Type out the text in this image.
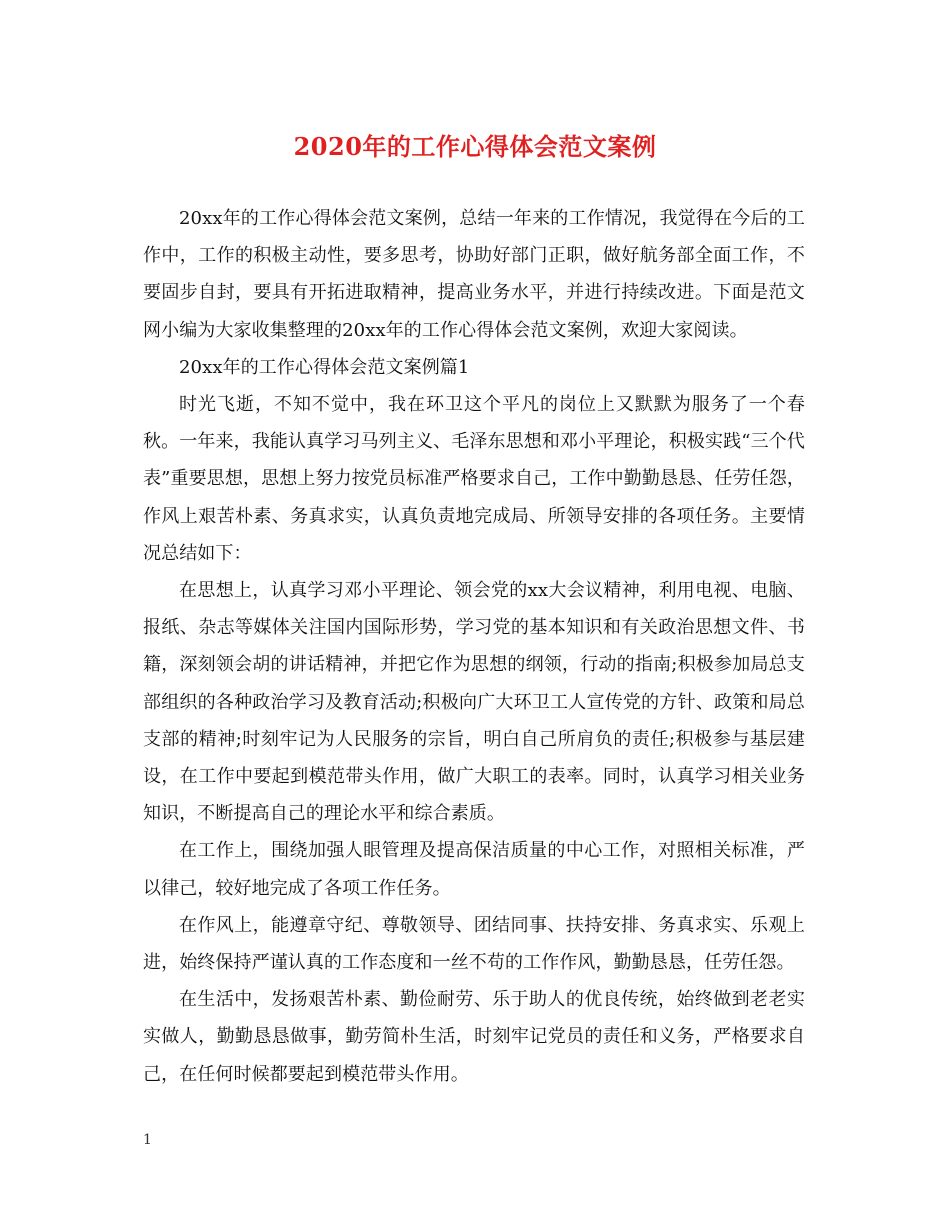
2020年的工作心得体会范文案例

20xx年的工作心得体会范文案例，总结一年来的工作情况，我觉得在今后的工作中，工作的积极主动性，要多思考，协助好部门正职，做好航务部全面工作，不要固步自封，要具有开拓进取精神，提高业务水平，并进行持续改进。下面是范文网小编为大家收集整理的20xx年的工作心得体会范文案例，欢迎大家阅读。

20xx年的工作心得体会范文案例篇1

时光飞逝，不知不觉中，我在环卫这个平凡的岗位上又默默为服务了一个春秋。一年来，我能认真学习马列主义、毛泽东思想和邓小平理论，积极实践“三个代表”重要思想，思想上努力按党员标准严格要求自己，工作中勤勤恳恳、任劳任怨，作风上艰苦朴素、务真求实，认真负责地完成局、所领导安排的各项任务。主要情况总结如下：

在思想上，认真学习邓小平理论、领会党的xx大会议精神，利用电视、电脑、报纸、杂志等媒体关注国内国际形势，学习党的基本知识和有关政治思想文件、书籍，深刻领会胡的讲话精神，并把它作为思想的纲领，行动的指南;积极参加局总支部组织的各种政治学习及教育活动;积极向广大环卫工人宣传党的方针、政策和局总支部的精神;时刻牢记为人民服务的宗旨，明白自己所肩负的责任;积极参与基层建设，在工作中要起到模范带头作用，做广大职工的表率。同时，认真学习相关业务知识，不断提高自己的理论水平和综合素质。

在工作上，围绕加强人眼管理及提高保洁质量的中心工作，对照相关标准，严以律己，较好地完成了各项工作任务。

在作风上，能遵章守纪、尊敬领导、团结同事、扶持安排、务真求实、乐观上进，始终保持严谨认真的工作态度和一丝不苟的工作作风，勤勤恳恳，任劳任怨。

在生活中，发扬艰苦朴素、勤俭耐劳、乐于助人的优良传统，始终做到老老实实做人，勤勤恳恳做事，勤劳简朴生活，时刻牢记党员的责任和义务，严格要求自己，在任何时候都要起到模范带头作用。

1
